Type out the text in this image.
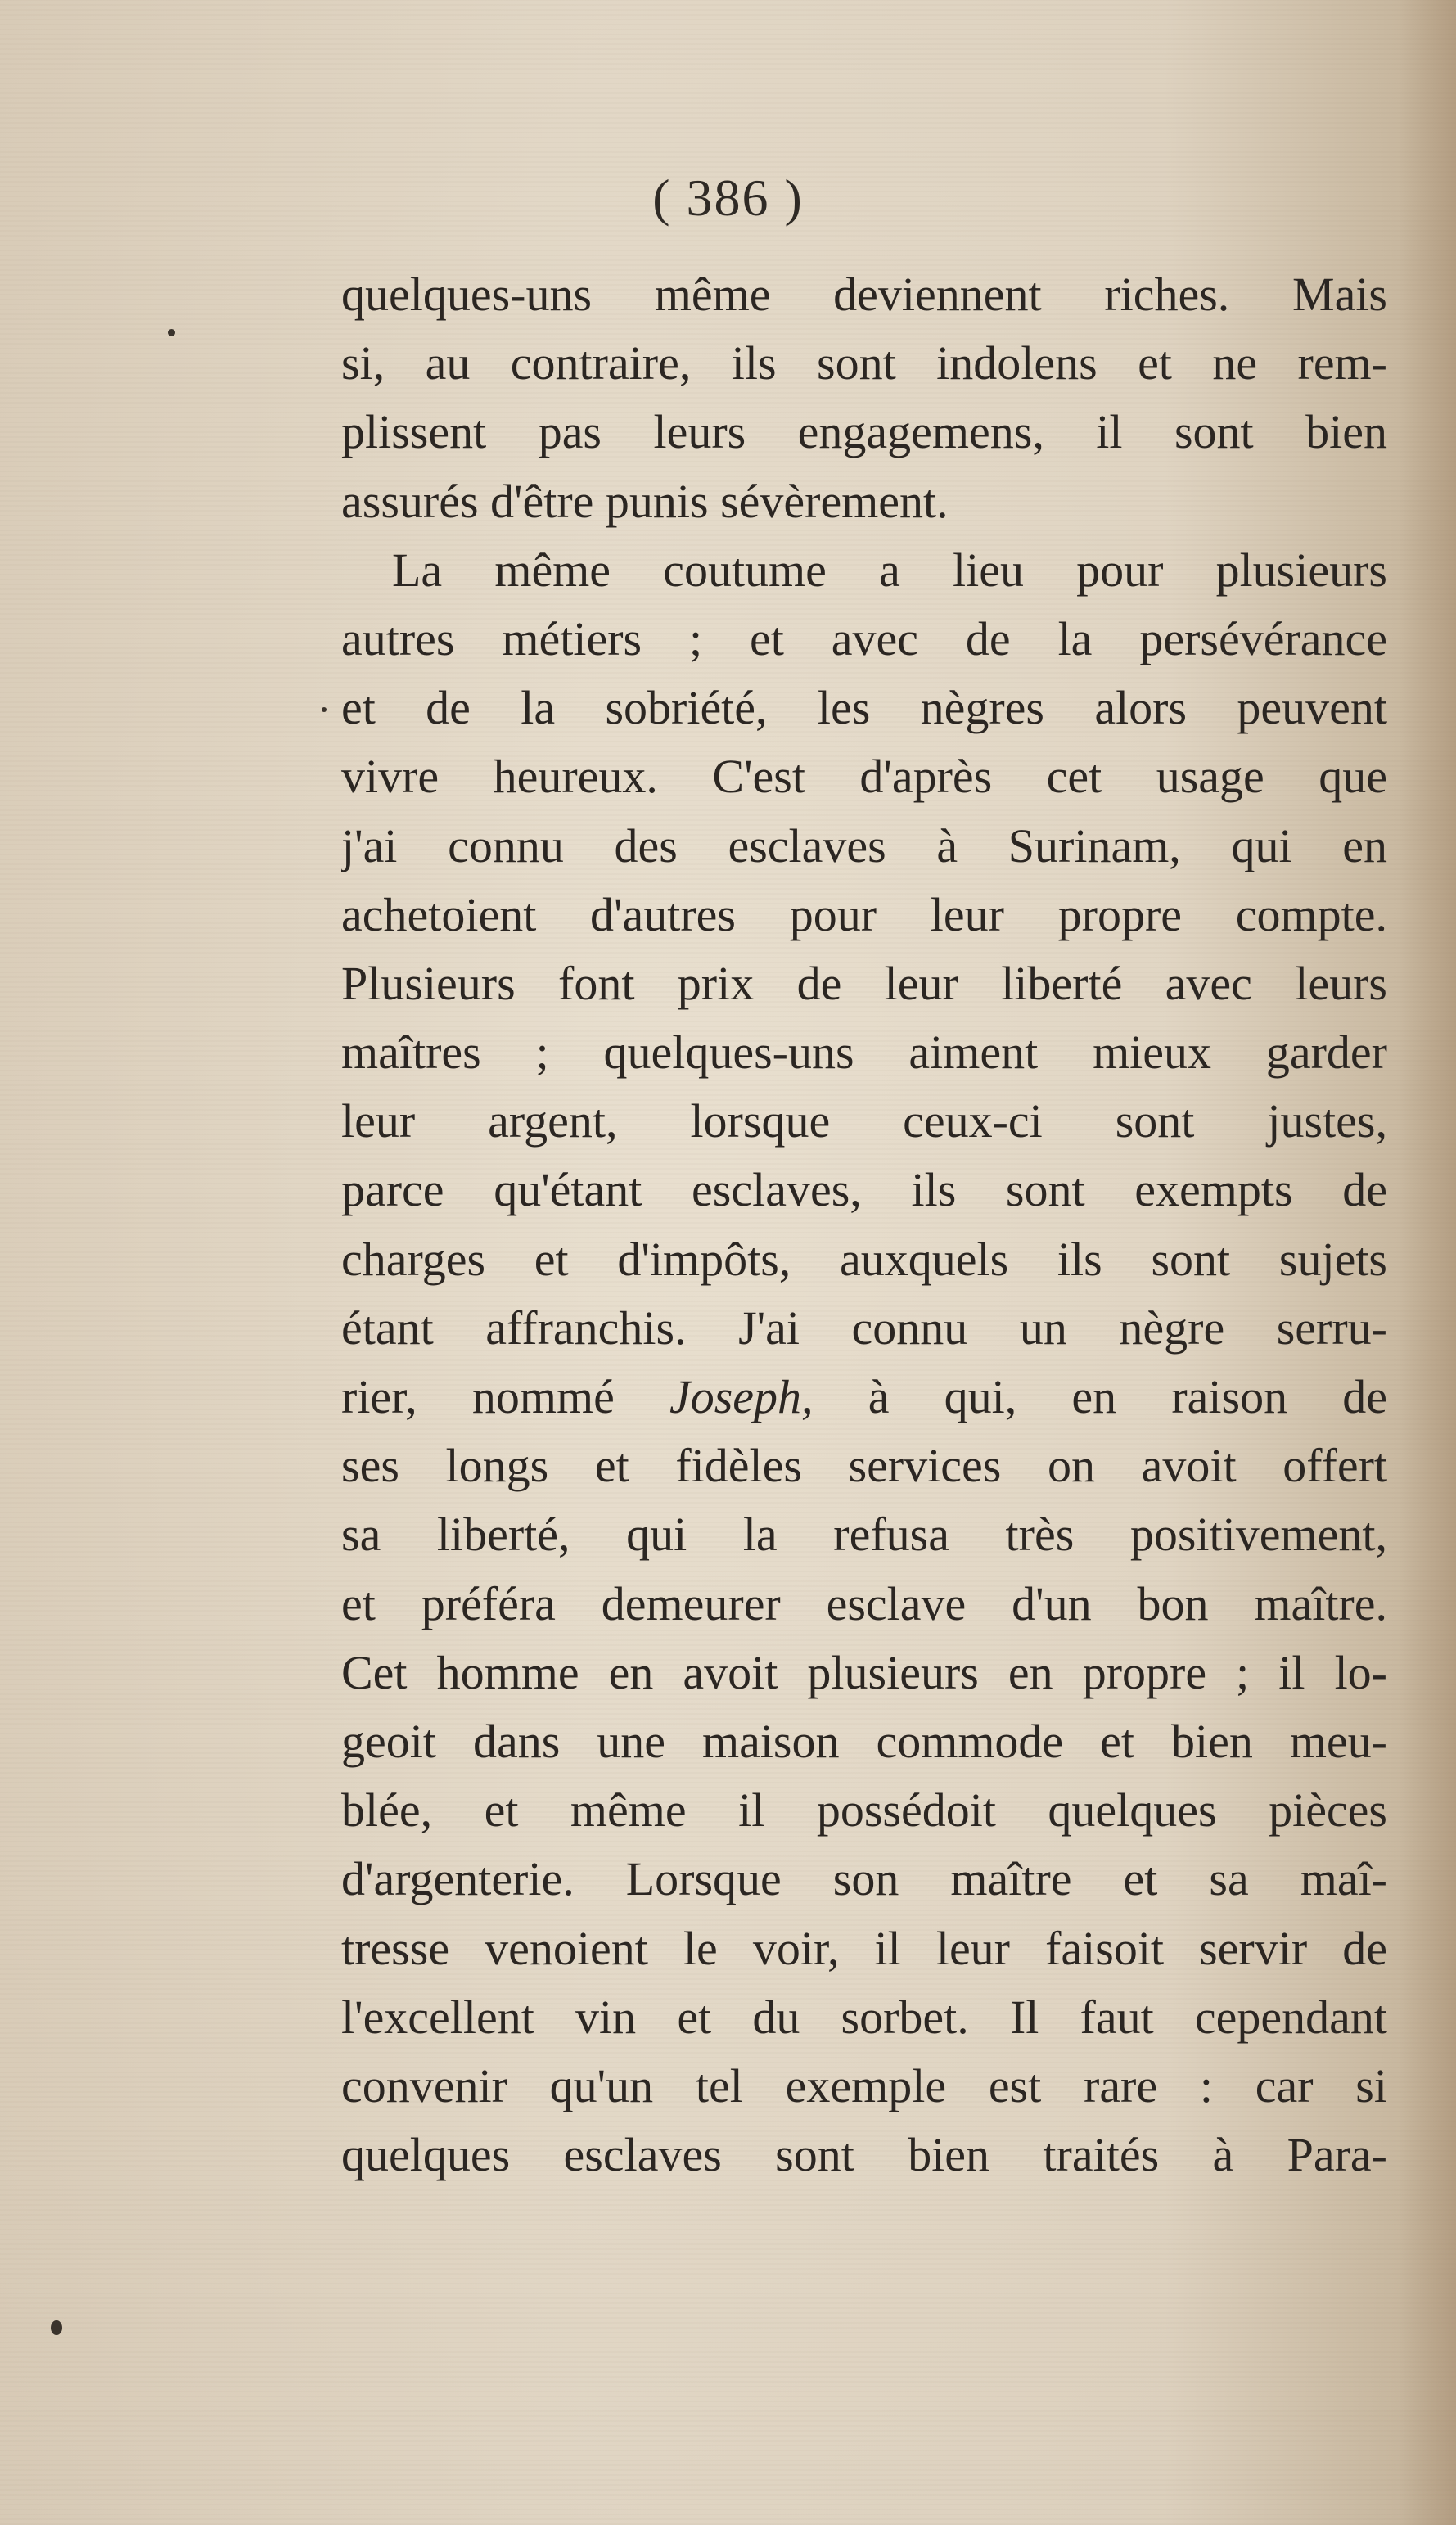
( 386 )
quelques-uns même deviennent riches. Mais
si, au contraire, ils sont indolens et ne rem-
plissent pas leurs engagemens, il sont bien
assurés d'être punis sévèrement.
La même coutume a lieu pour plusieurs
autres métiers ; et avec de la persévérance
et de la sobriété, les nègres alors peuvent
vivre heureux. C'est d'après cet usage que
j'ai connu des esclaves à Surinam, qui en
achetoient d'autres pour leur propre compte.
Plusieurs font prix de leur liberté avec leurs
maîtres ; quelques-uns aiment mieux garder
leur argent, lorsque ceux-ci sont justes,
parce qu'étant esclaves, ils sont exempts de
charges et d'impôts, auxquels ils sont sujets
étant affranchis. J'ai connu un nègre serru-
rier, nommé Joseph, à qui, en raison de
ses longs et fidèles services on avoit offert
sa liberté, qui la refusa très positivement,
et préféra demeurer esclave d'un bon maître.
Cet homme en avoit plusieurs en propre ; il lo-
geoit dans une maison commode et bien meu-
blée, et même il possédoit quelques pièces
d'argenterie. Lorsque son maître et sa maî-
tresse venoient le voir, il leur faisoit servir de
l'excellent vin et du sorbet. Il faut cependant
convenir qu'un tel exemple est rare : car si
quelques esclaves sont bien traités à Para-
